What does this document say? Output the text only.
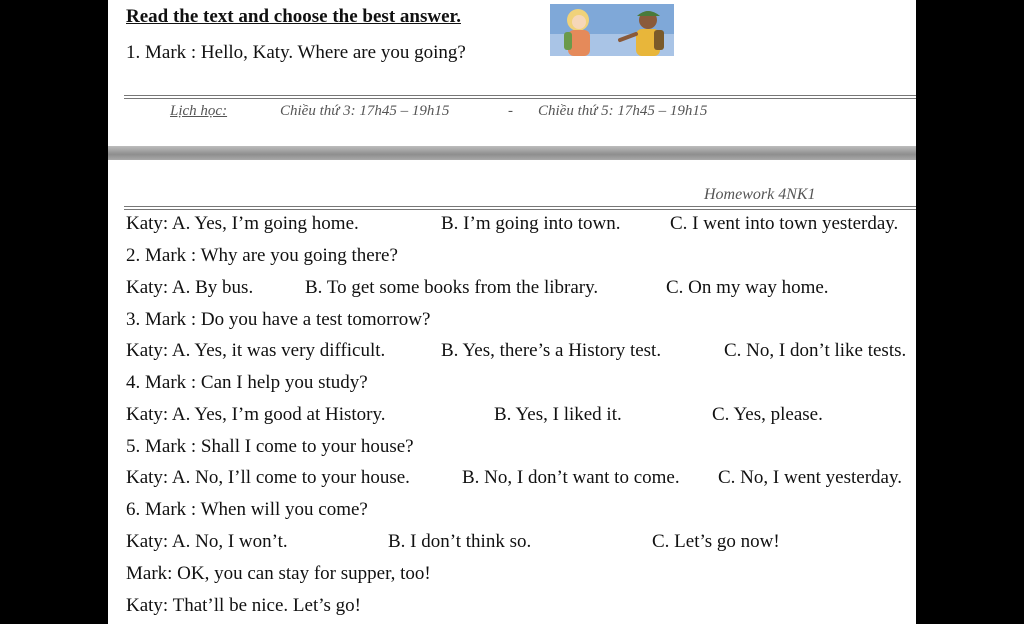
Read the text and choose the best answer.
1. Mark : Hello, Katy. Where are you going?
Lịch học:	Chiều thứ 3: 17h45 – 19h15	- Chiều thứ 5: 17h45 – 19h15
Homework 4NK1
Katy: A. Yes, I’m going home.	B. I’m going into town.	C. I went into town yesterday.
2. Mark : Why are you going there?
Katy: A. By bus.	B. To get some books from the library.	C. On my way home.
3. Mark : Do you have a test tomorrow?
Katy: A. Yes, it was very difficult.	B. Yes, there’s a History test.	C. No, I don’t like tests.
4. Mark : Can I help you study?
Katy: A. Yes, I’m good at History.	B. Yes, I liked it.	C. Yes, please.
5. Mark : Shall I come to your house?
Katy: A. No, I’ll come to your house.	B. No, I don’t want to come. C. No, I went yesterday.
6. Mark : When will you come?
Katy: A. No, I won’t.	B. I don’t think so.	C. Let’s go now!
Mark: OK, you can stay for supper, too!
Katy: That’ll be nice. Let’s go!
